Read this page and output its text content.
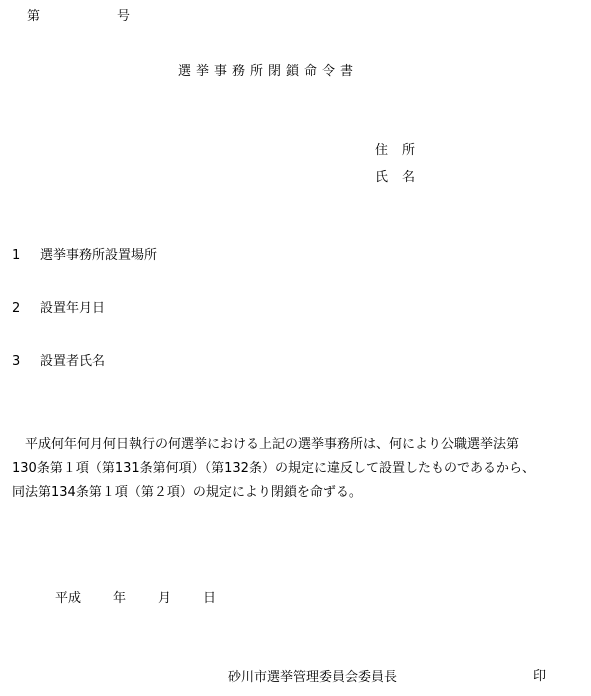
第	号
選挙事務所閉鎖命令書
住所
氏名
1 選挙事務所設置場所
2 設置年月日
3 設置者氏名
　平成何年何月何日執行の何選挙における上記の選挙事務所は、何により公職選挙法第
130条第１項（第131条第何項）（第132条）の規定に違反して設置したものであるから、
同法第134条第１項（第２項）の規定により閉鎖を命ずる。
平成 年 月 日
砂川市選挙管理委員会委員長	印
